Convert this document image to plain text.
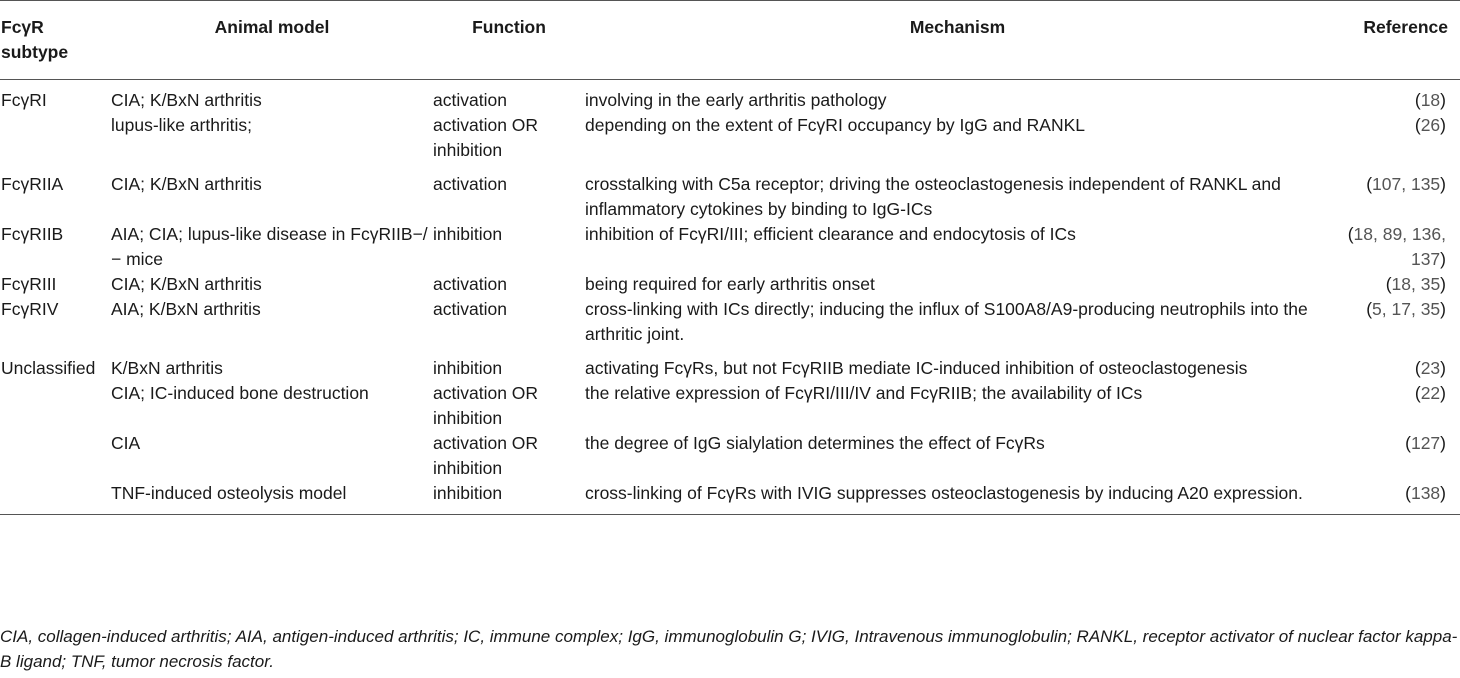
FcγR subtype	Animal model	Function	Mechanism	Reference
FcγRI	CIA; K/BxN arthritis	activation	involving in the early arthritis pathology	(18)
	lupus-like arthritis;	activation OR inhibition	depending on the extent of FcγRI occupancy by IgG and RANKL	(26)
FcγRIIA	CIA; K/BxN arthritis	activation	crosstalking with C5a receptor; driving the osteoclastogenesis independent of RANKL and inflammatory cytokines by binding to IgG-ICs	(107, 135)
FcγRIIB	AIA; CIA; lupus-like disease in FcγRIIB−/− mice	inhibition	inhibition of FcγRI/III; efficient clearance and endocytosis of ICs	(18, 89, 136, 137)
FcγRIII	CIA; K/BxN arthritis	activation	being required for early arthritis onset	(18, 35)
FcγRIV	AIA; K/BxN arthritis	activation	cross-linking with ICs directly; inducing the influx of S100A8/A9-producing neutrophils into the arthritic joint.	(5, 17, 35)
Unclassified	K/BxN arthritis	inhibition	activating FcγRs, but not FcγRIIB mediate IC-induced inhibition of osteoclastogenesis	(23)
	CIA; IC-induced bone destruction	activation OR inhibition	the relative expression of FcγRI/III/IV and FcγRIIB; the availability of ICs	(22)
	CIA	activation OR inhibition	the degree of IgG sialylation determines the effect of FcγRs	(127)
	TNF-induced osteolysis model	inhibition	cross-linking of FcγRs with IVIG suppresses osteoclastogenesis by inducing A20 expression.	(138)
CIA, collagen-induced arthritis; AIA, antigen-induced arthritis; IC, immune complex; IgG, immunoglobulin G; IVIG, Intravenous immunoglobulin; RANKL, receptor activator of nuclear factor kappa-B ligand; TNF, tumor necrosis factor.
